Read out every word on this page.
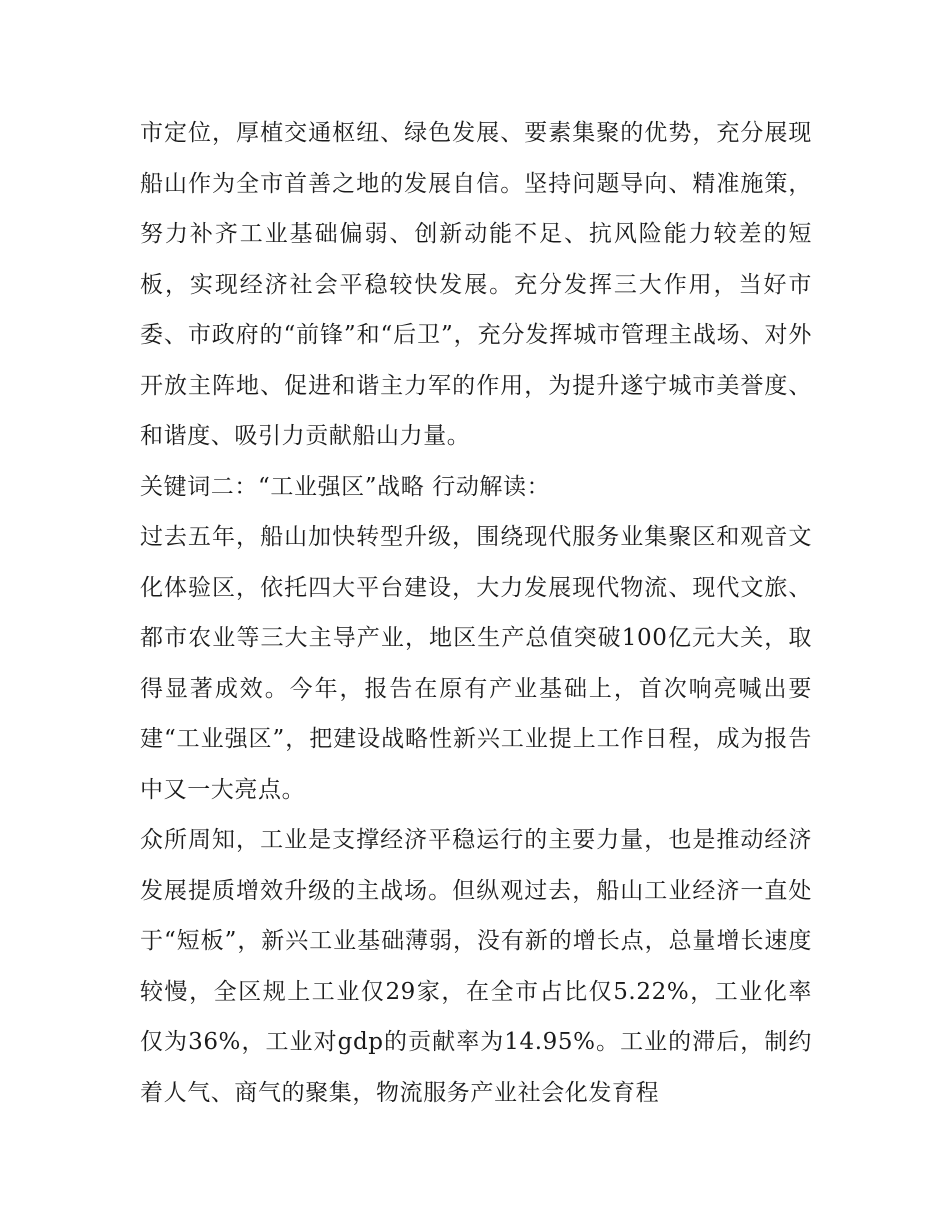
市定位，厚植交通枢纽、绿色发展、要素集聚的优势，充分展现船山作为全市首善之地的发展自信。坚持问题导向、精准施策，努力补齐工业基础偏弱、创新动能不足、抗风险能力较差的短板，实现经济社会平稳较快发展。充分发挥三大作用，当好市委、市政府的“前锋”和“后卫”，充分发挥城市管理主战场、对外开放主阵地、促进和谐主力军的作用，为提升遂宁城市美誉度、和谐度、吸引力贡献船山力量。

关键词二：“工业强区”战略 行动解读：

过去五年，船山加快转型升级，围绕现代服务业集聚区和观音文化体验区，依托四大平台建设，大力发展现代物流、现代文旅、都市农业等三大主导产业，地区生产总值突破100亿元大关，取得显著成效。今年，报告在原有产业基础上，首次响亮喊出要建“工业强区”，把建设战略性新兴工业提上工作日程，成为报告中又一大亮点。

众所周知，工业是支撑经济平稳运行的主要力量，也是推动经济发展提质增效升级的主战场。但纵观过去，船山工业经济一直处于“短板”，新兴工业基础薄弱，没有新的增长点，总量增长速度较慢，全区规上工业仅29家，在全市占比仅5.22%，工业化率仅为36%，工业对gdp的贡献率为14.95%。工业的滞后，制约着人气、商气的聚集，物流服务产业社会化发育程
